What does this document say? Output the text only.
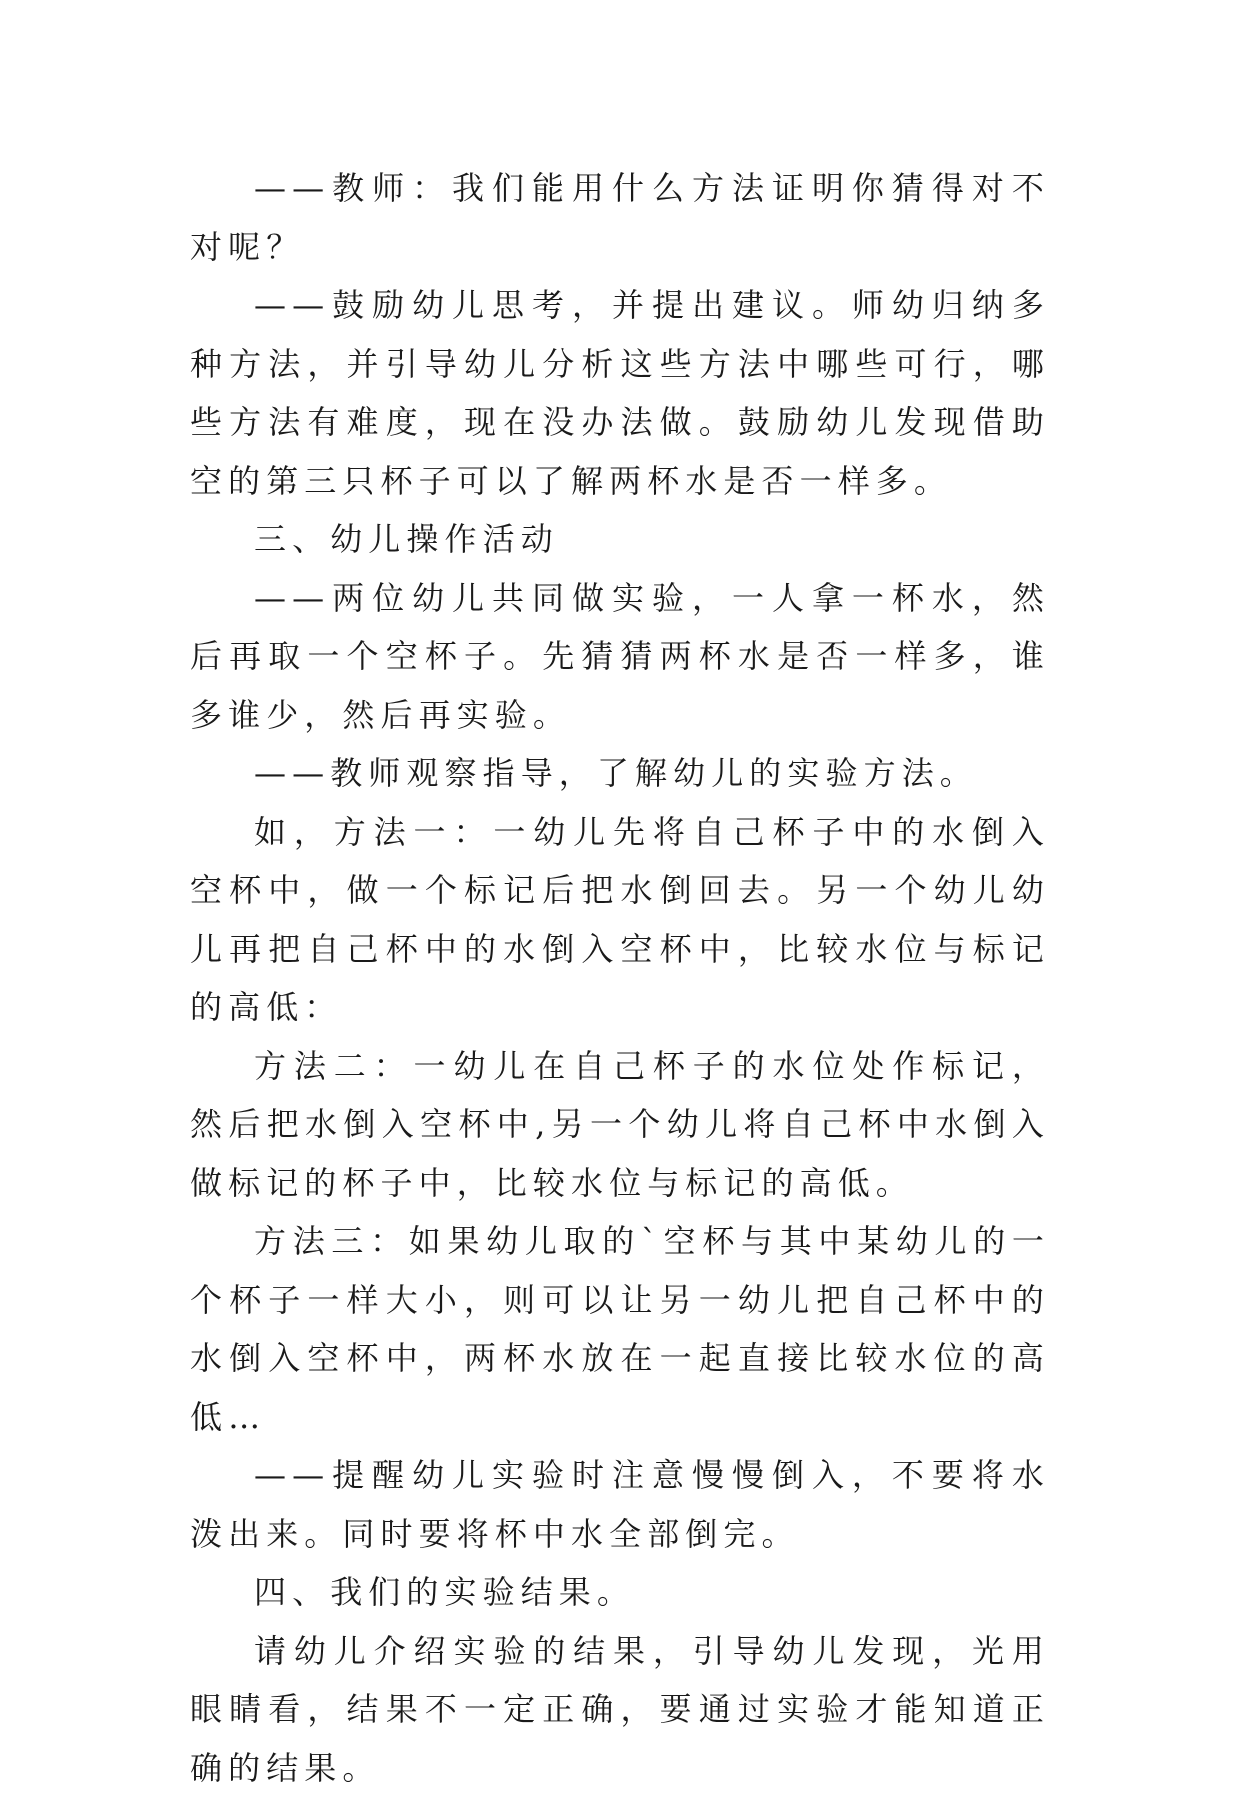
——教师：我们能用什么方法证明你猜得对不对呢？

——鼓励幼儿思考，并提出建议。师幼归纳多种方法，并引导幼儿分析这些方法中哪些可行，哪些方法有难度，现在没办法做。鼓励幼儿发现借助空的第三只杯子可以了解两杯水是否一样多。

三、幼儿操作活动

——两位幼儿共同做实验，一人拿一杯水，然后再取一个空杯子。先猜猜两杯水是否一样多，谁多谁少，然后再实验。

——教师观察指导，了解幼儿的实验方法。

如，方法一：一幼儿先将自己杯子中的水倒入空杯中，做一个标记后把水倒回去。另一个幼儿幼儿再把自己杯中的水倒入空杯中，比较水位与标记的高低：

方法二：一幼儿在自己杯子的水位处作标记，然后把水倒入空杯中,另一个幼儿将自己杯中水倒入做标记的杯子中，比较水位与标记的高低。

方法三：如果幼儿取的`空杯与其中某幼儿的一个杯子一样大小，则可以让另一幼儿把自己杯中的水倒入空杯中，两杯水放在一起直接比较水位的高低…

——提醒幼儿实验时注意慢慢倒入，不要将水泼出来。同时要将杯中水全部倒完。

四、我们的实验结果。

请幼儿介绍实验的结果，引导幼儿发现，光用眼睛看，结果不一定正确，要通过实验才能知道正确的结果。
